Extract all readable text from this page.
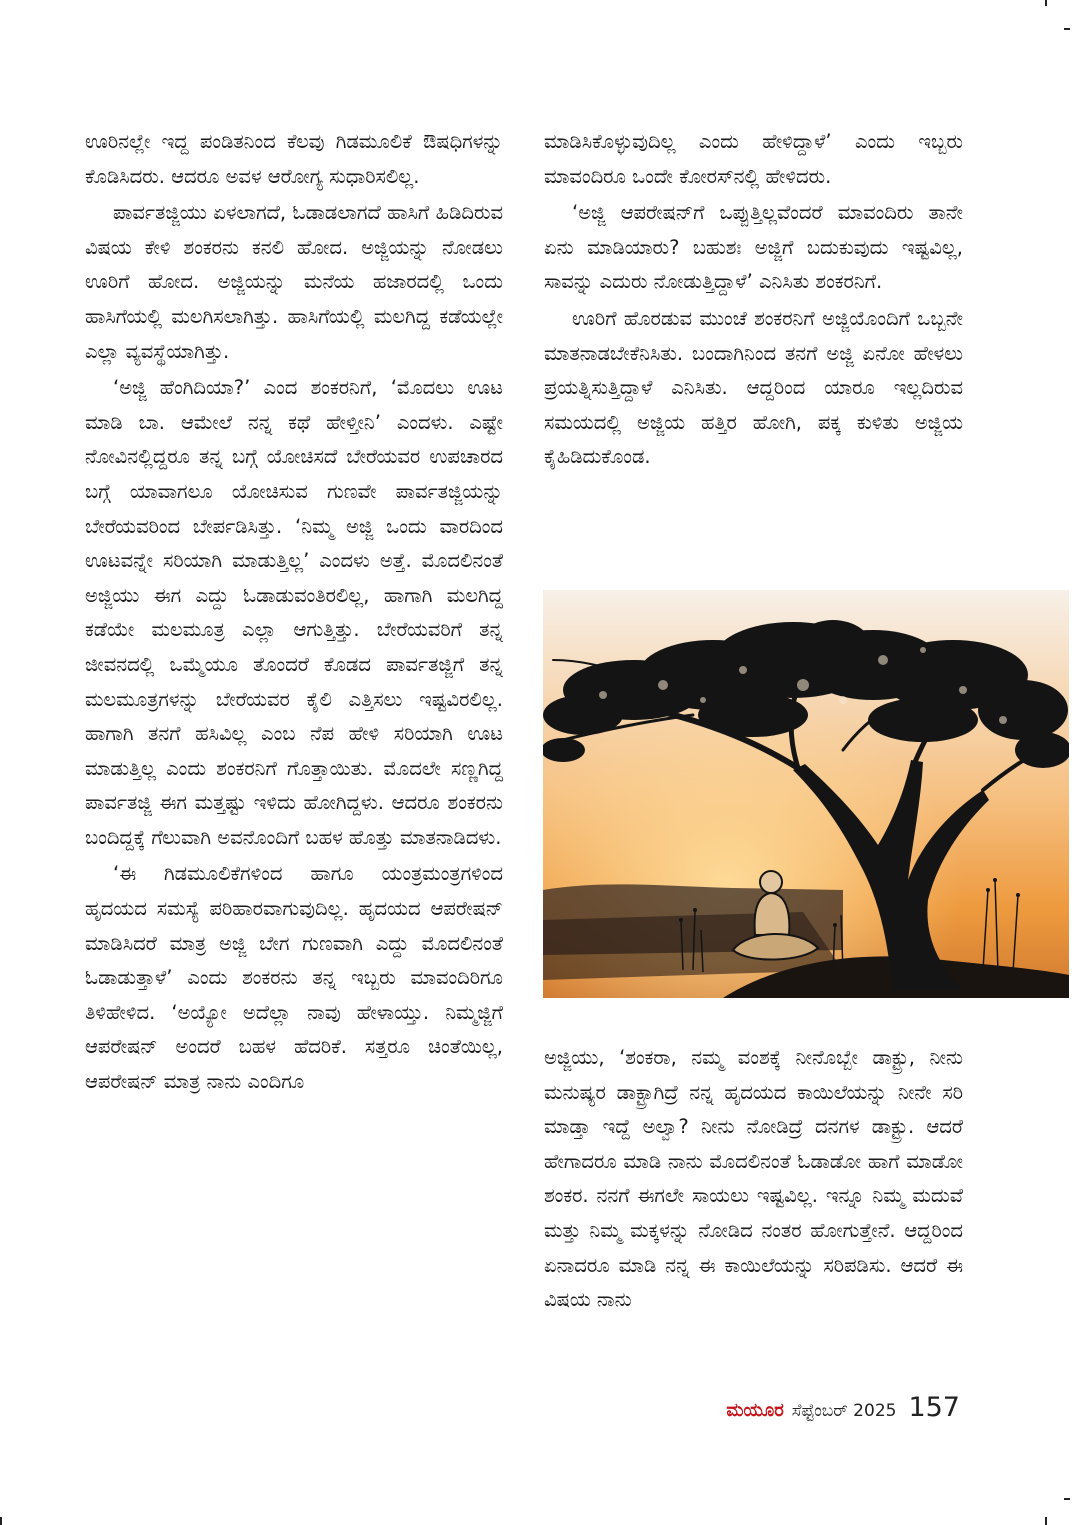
ಊರಿನಲ್ಲೇ ಇದ್ದ ಪಂಡಿತನಿಂದ ಕೆಲವು ಗಿಡಮೂಲಿಕೆ ಔಷಧಿಗಳನ್ನು ಕೊಡಿಸಿದರು. ಆದರೂ ಅವಳ ಆರೋಗ್ಯ ಸುಧಾರಿಸಲಿಲ್ಲ.

ಪಾರ್ವತಜ್ಜಿಯು ಏಳಲಾಗದೆ, ಓಡಾಡಲಾಗದೆ ಹಾಸಿಗೆ ಹಿಡಿದಿರುವ ವಿಷಯ ಕೇಳಿ ಶಂಕರನು ಕನಲಿ ಹೋದ. ಅಜ್ಜಿಯನ್ನು ನೋಡಲು ಊರಿಗೆ ಹೋದ. ಅಜ್ಜಿಯನ್ನು ಮನೆಯ ಹಜಾರದಲ್ಲಿ ಒಂದು ಹಾಸಿಗೆಯಲ್ಲಿ ಮಲಗಿಸಲಾಗಿತ್ತು. ಹಾಸಿಗೆಯಲ್ಲಿ ಮಲಗಿದ್ದ ಕಡೆಯಲ್ಲೇ ಎಲ್ಲಾ ವ್ಯವಸ್ಥೆಯಾಗಿತ್ತು.

‘ಅಜ್ಜಿ ಹೆಂಗಿದಿಯಾ?’ ಎಂದ ಶಂಕರನಿಗೆ, ‘ಮೊದಲು ಊಟ ಮಾಡಿ ಬಾ. ಆಮೇಲೆ ನನ್ನ ಕಥೆ ಹೇಳ್ತೀನಿ’ ಎಂದಳು. ಎಷ್ಟೇ ನೋವಿನಲ್ಲಿದ್ದರೂ ತನ್ನ ಬಗ್ಗೆ ಯೋಚಿಸದೆ ಬೇರೆಯವರ ಉಪಚಾರದ ಬಗ್ಗೆ ಯಾವಾಗಲೂ ಯೋಚಿಸುವ ಗುಣವೇ ಪಾರ್ವತಜ್ಜಿಯನ್ನು ಬೇರೆಯವರಿಂದ ಬೇರ್ಪಡಿಸಿತ್ತು. ‘ನಿಮ್ಮ ಅಜ್ಜಿ ಒಂದು ವಾರದಿಂದ ಊಟವನ್ನೇ ಸರಿಯಾಗಿ ಮಾಡುತ್ತಿಲ್ಲ’ ಎಂದಳು ಅತ್ತೆ. ಮೊದಲಿನಂತೆ ಅಜ್ಜಿಯು ಈಗ ಎದ್ದು ಓಡಾಡುವಂತಿರಲಿಲ್ಲ, ಹಾಗಾಗಿ ಮಲಗಿದ್ದ ಕಡೆಯೇ ಮಲಮೂತ್ರ ಎಲ್ಲಾ ಆಗುತ್ತಿತ್ತು. ಬೇರೆಯವರಿಗೆ ತನ್ನ ಜೀವನದಲ್ಲಿ ಒಮ್ಮೆಯೂ ತೊಂದರೆ ಕೊಡದ ಪಾರ್ವತಜ್ಜಿಗೆ ತನ್ನ ಮಲಮೂತ್ರಗಳನ್ನು ಬೇರೆಯವರ ಕೈಲಿ ಎತ್ತಿಸಲು ಇಷ್ಟವಿರಲಿಲ್ಲ. ಹಾಗಾಗಿ ತನಗೆ ಹಸಿವಿಲ್ಲ ಎಂಬ ನೆಪ ಹೇಳಿ ಸರಿಯಾಗಿ ಊಟ ಮಾಡುತ್ತಿಲ್ಲ ಎಂದು ಶಂಕರನಿಗೆ ಗೊತ್ತಾಯಿತು. ಮೊದಲೇ ಸಣ್ಣಗಿದ್ದ ಪಾರ್ವತಜ್ಜಿ ಈಗ ಮತ್ತಷ್ಟು ಇಳಿದು ಹೋಗಿದ್ದಳು. ಆದರೂ ಶಂಕರನು ಬಂದಿದ್ದಕ್ಕೆ ಗೆಲುವಾಗಿ ಅವನೊಂದಿಗೆ ಬಹಳ ಹೊತ್ತು ಮಾತನಾಡಿದಳು.

‘ಈ ಗಿಡಮೂಲಿಕೆಗಳಿಂದ ಹಾಗೂ ಯಂತ್ರಮಂತ್ರಗಳಿಂದ ಹೃದಯದ ಸಮಸ್ಯೆ ಪರಿಹಾರವಾಗುವುದಿಲ್ಲ. ಹೃದಯದ ಆಪರೇಷನ್ ಮಾಡಿಸಿದರೆ ಮಾತ್ರ ಅಜ್ಜಿ ಬೇಗ ಗುಣವಾಗಿ ಎದ್ದು ಮೊದಲಿನಂತೆ ಓಡಾಡುತ್ತಾಳೆ’ ಎಂದು ಶಂಕರನು ತನ್ನ ಇಬ್ಬರು ಮಾವಂದಿರಿಗೂ ತಿಳಿಹೇಳಿದ. ‘ಅಯ್ಯೋ ಅದೆಲ್ಲಾ ನಾವು ಹೇಳಾಯ್ತು. ನಿಮ್ಮಜ್ಜಿಗೆ ಆಪರೇಷನ್ ಅಂದರೆ ಬಹಳ ಹೆದರಿಕೆ. ಸತ್ತರೂ ಚಿಂತೆಯಿಲ್ಲ, ಆಪರೇಷನ್ ಮಾತ್ರ ನಾನು ಎಂದಿಗೂ

ಮಾಡಿಸಿಕೊಳ್ಳುವುದಿಲ್ಲ ಎಂದು ಹೇಳಿದ್ದಾಳೆ’ ಎಂದು ಇಬ್ಬರು ಮಾವಂದಿರೂ ಒಂದೇ ಕೋರಸ್‌ನಲ್ಲಿ ಹೇಳಿದರು.

‘ಅಜ್ಜಿ ಆಪರೇಷನ್‌ಗೆ ಒಪ್ಪುತ್ತಿಲ್ಲವೆಂದರೆ ಮಾವಂದಿರು ತಾನೇ ಏನು ಮಾಡಿಯಾರು? ಬಹುಶಃ ಅಜ್ಜಿಗೆ ಬದುಕುವುದು ಇಷ್ಟವಿಲ್ಲ, ಸಾವನ್ನು ಎದುರು ನೋಡುತ್ತಿದ್ದಾಳೆ’ ಎನಿಸಿತು ಶಂಕರನಿಗೆ.

ಊರಿಗೆ ಹೊರಡುವ ಮುಂಚೆ ಶಂಕರನಿಗೆ ಅಜ್ಜಿಯೊಂದಿಗೆ ಒಬ್ಬನೇ ಮಾತನಾಡಬೇಕೆನಿಸಿತು. ಬಂದಾಗಿನಿಂದ ತನಗೆ ಅಜ್ಜಿ ಏನೋ ಹೇಳಲು ಪ್ರಯತ್ನಿಸುತ್ತಿದ್ದಾಳೆ ಎನಿಸಿತು. ಆದ್ದರಿಂದ ಯಾರೂ ಇಲ್ಲದಿರುವ ಸಮಯದಲ್ಲಿ ಅಜ್ಜಿಯ ಹತ್ತಿರ ಹೋಗಿ, ಪಕ್ಕ ಕುಳಿತು ಅಜ್ಜಿಯ ಕೈಹಿಡಿದುಕೊಂಡ.

ಅಜ್ಜಿಯು, ‘ಶಂಕರಾ, ನಮ್ಮ ವಂಶಕ್ಕೆ ನೀನೊಬ್ಬೇ ಡಾಕ್ಟ್ರು, ನೀನು ಮನುಷ್ಯರ ಡಾಕ್ಟ್ರಾಗಿದ್ರೆ ನನ್ನ ಹೃದಯದ ಕಾಯಿಲೆಯನ್ನು ನೀನೇ ಸರಿ ಮಾಡ್ತಾ ಇದ್ದೆ ಅಲ್ವಾ? ನೀನು ನೋಡಿದ್ರೆ ದನಗಳ ಡಾಕ್ಟ್ರು. ಆದರೆ ಹೇಗಾದರೂ ಮಾಡಿ ನಾನು ಮೊದಲಿನಂತೆ ಓಡಾಡೋ ಹಾಗೆ ಮಾಡೋ ಶಂಕರ. ನನಗೆ ಈಗಲೇ ಸಾಯಲು ಇಷ್ಟವಿಲ್ಲ. ಇನ್ನೂ ನಿಮ್ಮ ಮದುವೆ ಮತ್ತು ನಿಮ್ಮ ಮಕ್ಕಳನ್ನು ನೋಡಿದ ನಂತರ ಹೋಗುತ್ತೇನೆ. ಆದ್ದರಿಂದ ಏನಾದರೂ ಮಾಡಿ ನನ್ನ ಈ ಕಾಯಿಲೆಯನ್ನು ಸರಿಪಡಿಸು. ಆದರೆ ಈ ವಿಷಯ ನಾನು

ಮಯೂರ ಸೆಪ್ಟೆಂಬರ್ 2025 157
